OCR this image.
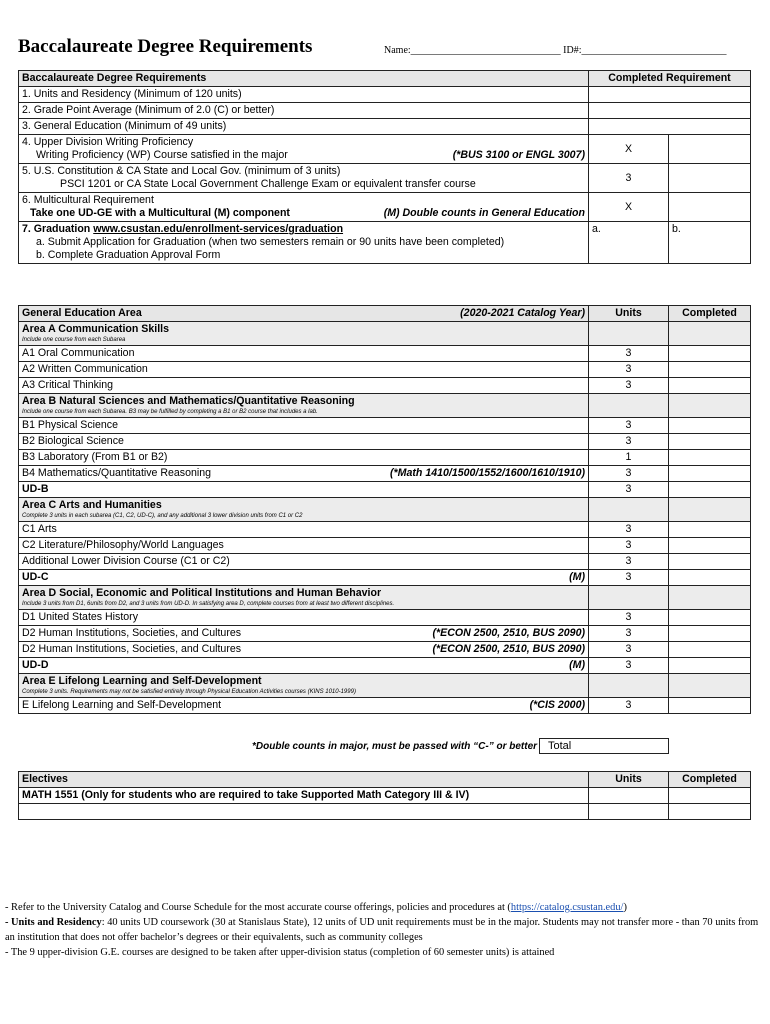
Baccalaureate Degree Requirements	Name:______________________________ ID#:_____________________________
Baccalaureate Degree Requirements	Completed Requirement	
1. Units and Residency (Minimum of 120 units)		
2. Grade Point Average (Minimum of 2.0 (C) or better)		
3. General Education (Minimum of 49 units)		
4. Upper Division Writing Proficiency
Writing Proficiency (WP) Course satisfied in the major (*BUS 3100 or ENGL 3007)	X	
5. U.S. Constitution & CA State and Local Gov. (minimum of 3 units)
PSCI 1201 or CA State Local Government Challenge Exam or equivalent transfer course	3	
6. Multicultural Requirement
Take one UD-GE with a Multicultural (M) component (M) Double counts in General Education	X	
7. Graduation www.csustan.edu/enrollment-services/graduation
a. Submit Application for Graduation (when two semesters remain or 90 units have been completed)
b. Complete Graduation Approval Form	a.	b.
General Education Area (2020-2021 Catalog Year)	Units	Completed
Area A Communication Skills
Include one course from each Subarea		

A1 Oral Communication	3	
A2 Written Communication	3	
A3 Critical Thinking	3	
Area B Natural Sciences and Mathematics/Quantitative Reasoning
Include one course from each Subarea. B3 may be fulfilled by completing a B1 or B2 course that includes a lab.		

B1 Physical Science	3	
B2 Biological Science	3	
B3 Laboratory (From B1 or B2)	1	
B4 Mathematics/Quantitative Reasoning (*Math 1410/1500/1552/1600/1610/1910)	3	
UD-B	3	
Area C Arts and Humanities
Complete 3 units in each subarea (C1, C2, UD-C), and any additional 3 lower division units from C1 or C2		

C1 Arts	3	
C2 Literature/Philosophy/World Languages	3	
Additional Lower Division Course (C1 or C2)	3	
UD-C (M)	3	
Area D Social, Economic and Political Institutions and Human Behavior
Include 3 units from D1, 6units from D2, and 3 units from UD-D. In satisfying area D, complete courses from at least two different disciplines.		

D1 United States History	3	
D2 Human Institutions, Societies, and Cultures (*ECON 2500, 2510, BUS 2090)	3	
D2 Human Institutions, Societies, and Cultures (*ECON 2500, 2510, BUS 2090)	3	
UD-D (M)	3	
Area E Lifelong Learning and Self-Development
Complete 3 units. Requirements may not be satisfied entirely through Physical Education Activities courses (KINS 1010-1999)		

E Lifelong Learning and Self-Development (*CIS 2000)	3	
*Double counts in major, must be passed with “C-” or better Total
Electives	Units	Completed
MATH 1551 (Only for students who are required to take Supported Math Category III & IV)		

- Refer to the University Catalog and Course Schedule for the most accurate course offerings, policies and procedures at (https://catalog.csustan.edu/)
- Units and Residency: 40 units UD coursework (30 at Stanislaus State), 12 units of UD unit requirements must be in the major. Students may not transfer more - than 70 units from an institution that does not offer bachelor’s degrees or their equivalents, such as community colleges
- The 9 upper-division G.E. courses are designed to be taken after upper-division status (completion of 60 semester units) is attained
